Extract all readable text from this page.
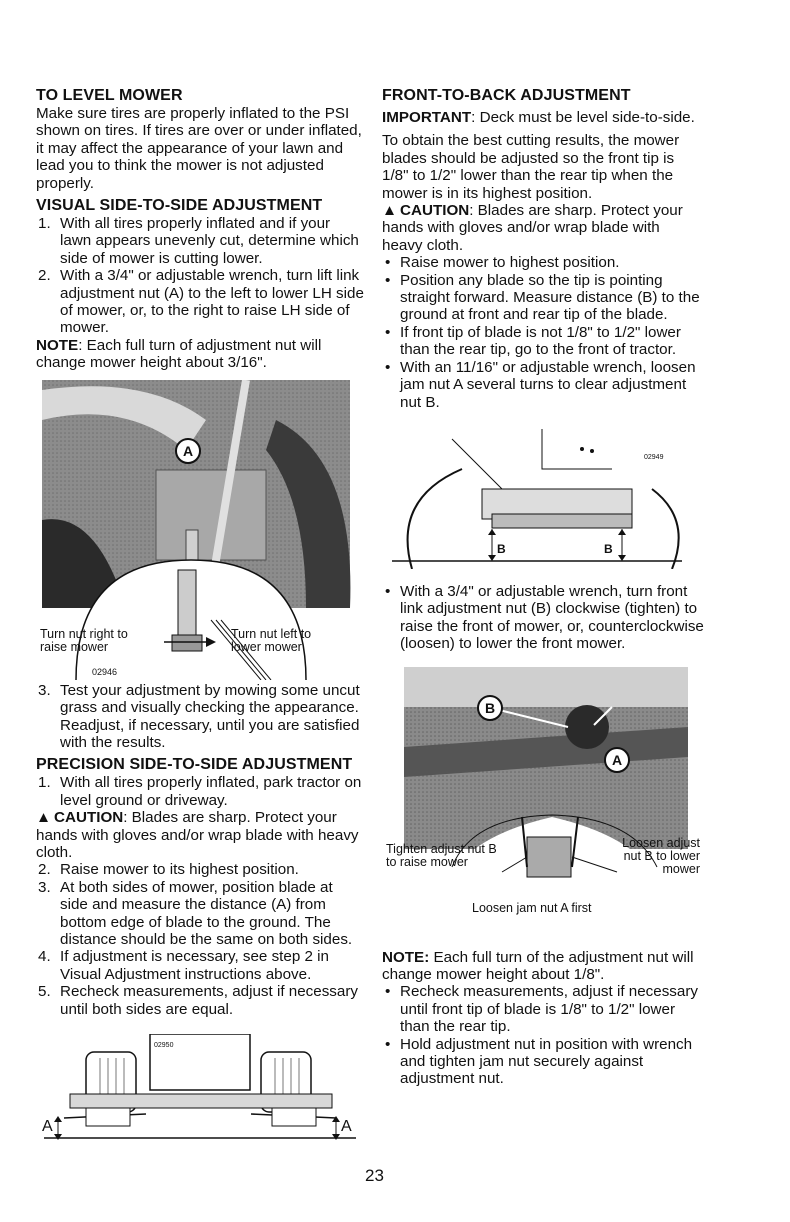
TO LEVEL MOWER

Make sure tires are properly inflated to the PSI shown on tires. If tires are over or under inflated, it may affect the appearance of your lawn and lead you to think the mower is not adjusted properly.

VISUAL SIDE-TO-SIDE ADJUSTMENT
1. With all tires properly inflated and if your lawn appears unevenly cut, determine which side of mower is cutting lower.
2. With a 3/4" or adjustable wrench, turn lift link adjustment nut (A) to the left to lower LH side of mower, or, to the right to raise LH side of mower.

NOTE: Each full turn of adjustment nut will change mower height about 3/16".

A
Turn nut right to raise mower
Turn nut left to lower mower
02946
3. Test your adjustment by mowing some uncut grass and visually checking the appearance. Readjust, if necessary, until you are satisfied with the results.
PRECISION SIDE-TO-SIDE ADJUSTMENT
1. With all tires properly inflated, park tractor on level ground or driveway.

▲ CAUTION: Blades are sharp. Protect your hands with gloves and/or wrap blade with heavy cloth.

2. Raise mower to its highest position.
3. At both sides of mower, position blade at side and measure the distance (A) from bottom edge of blade to the ground. The distance should be the same on both sides.
4. If adjustment is necessary, see step 2 in Visual Adjustment instructions above.
5. Recheck measurements, adjust if necessary until both sides are equal.
02950
A	A
FRONT-TO-BACK ADJUSTMENT

IMPORTANT: Deck must be level side-to-side.

To obtain the best cutting results, the mower blades should be adjusted so the front tip is 1/8" to 1/2" lower than the rear tip when the mower is in its highest position.

▲ CAUTION: Blades are sharp. Protect your hands with gloves and/or wrap blade with heavy cloth.

• Raise mower to highest position.
• Position any blade so the tip is pointing straight forward. Measure distance (B) to the ground at front and rear tip of the blade.
• If front tip of blade is not 1/8" to 1/2" lower than the rear tip, go to the front of tractor.
• With an 11/16" or adjustable wrench, loosen jam nut A several turns to clear adjustment nut B.
02949
B	B
• With a 3/4" or adjustable wrench, turn front link adjustment nut (B) clockwise (tighten) to raise the front of mower, or, counterclockwise (loosen) to lower the front mower.
B
A
Tighten adjust nut B to raise mower
Loosen adjust nut B to lower mower
Loosen jam nut A first

NOTE: Each full turn of the adjustment nut will change mower height about 1/8".

• Recheck measurements, adjust if necessary until front tip of blade is 1/8" to 1/2" lower than the rear tip.
• Hold adjustment nut in position with wrench and tighten jam nut securely against adjustment nut.
23
